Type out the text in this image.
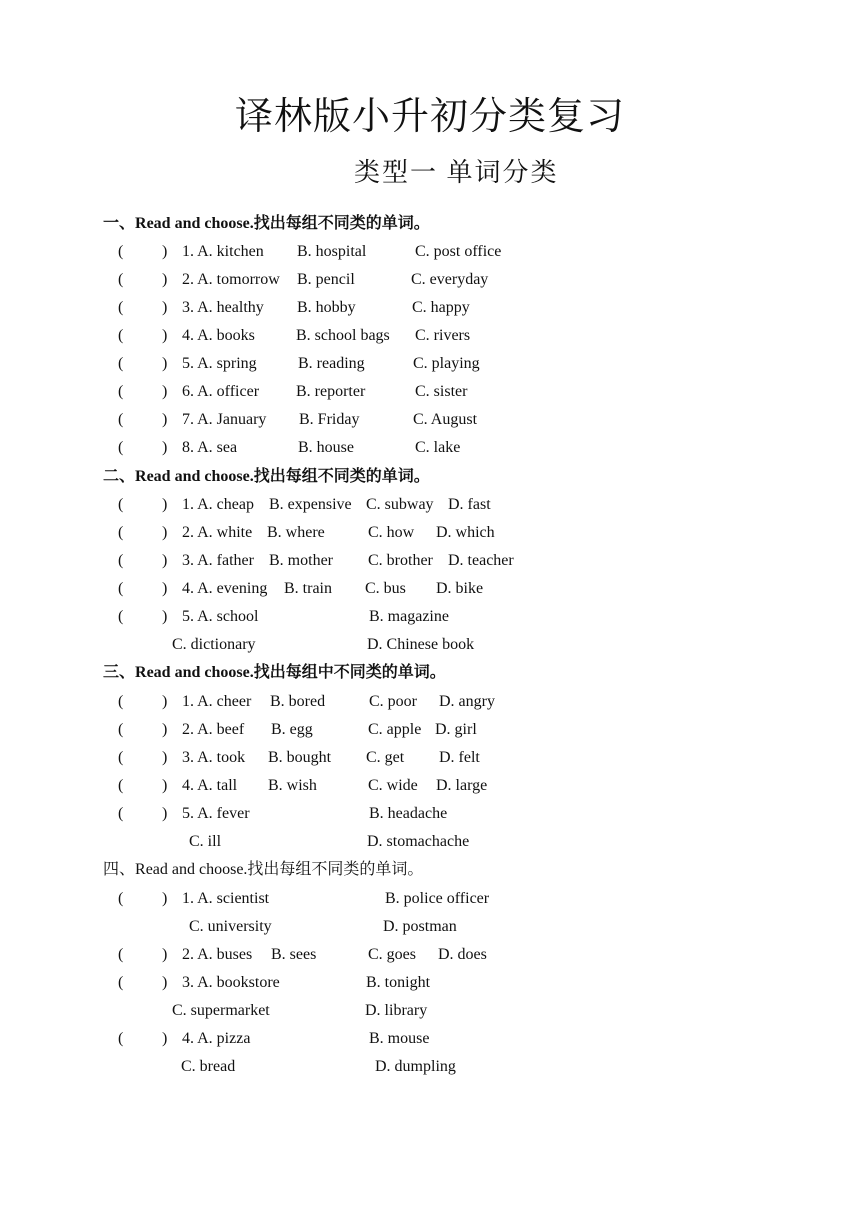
译林版小升初分类复习
类型一 单词分类
一、Read and choose.找出每组不同类的单词。
( ) 1. A. kitchen B. hospital	C. post office
( ) 2. A. tomorrow B. pencil	C. everyday
( ) 3. A. healthy B. hobby	C. happy
( ) 4. A. books	B. school bags C. rivers
( ) 5. A. spring	B. reading	C. playing
( ) 6. A. officer B. reporter	C. sister
( ) 7. A. January B. Friday	C. August
( ) 8. A. sea	B. house	C. lake
二、Read and choose.找出每组不同类的单词。
( ) 1. A. cheap B. expensive C. subway D. fast
( ) 2. A. white B. where	C. how D. which
( ) 3. A. father B. mother C. brother D. teacher
( ) 4. A. evening B. train C. bus D. bike
( ) 5. A. school	B. magazine
C. dictionary	D. Chinese book
三、Read and choose.找出每组中不同类的单词。
( ) 1. A. cheer B. bored	C. poor D. angry
( ) 2. A. beef B. egg	C. apple D. girl
( ) 3. A. took B. bought C. get D. felt
( ) 4. A. tall B. wish	C. wide D. large
( ) 5. A. fever	B. headache
C. ill	D. stomachache
四、Read and choose.找出每组不同类的单词。
( ) 1. A. scientist	B. police officer
C. university	D. postman
( ) 2. A. buses B. sees	C. goes D. does
( ) 3. A. bookstore	B. tonight
C. supermarket	D. library
( ) 4. A. pizza	B. mouse
C. bread	D. dumpling
